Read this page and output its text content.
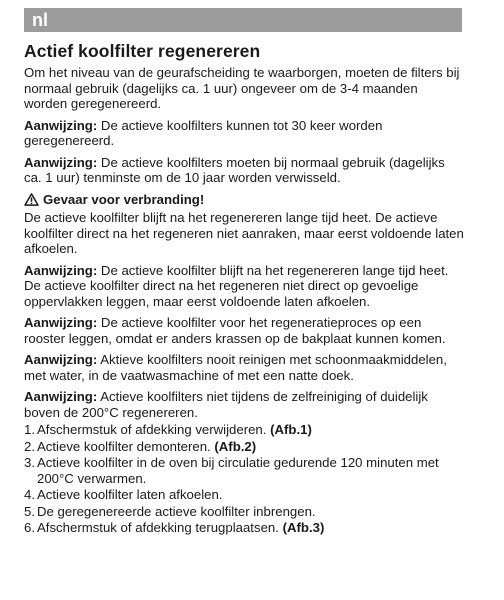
nl
Actief koolfilter regenereren

Om het niveau van de geurafscheiding te waarborgen, moeten de filters bij normaal gebruik (dagelijks ca. 1 uur) ongeveer om de 3-4 maanden worden geregenereerd.

Aanwijzing: De actieve koolfilters kunnen tot 30 keer worden geregenereerd.

Aanwijzing: De actieve koolfilters moeten bij normaal gebruik (dagelijks ca. 1 uur) tenminste om de 10 jaar worden verwisseld.

Gevaar voor verbranding!

De actieve koolfilter blijft na het regenereren lange tijd heet. De actieve koolfilter direct na het regeneren niet aanraken, maar eerst voldoende laten afkoelen.

Aanwijzing: De actieve koolfilter blijft na het regenereren lange tijd heet. De actieve koolfilter direct na het regeneren niet direct op gevoelige oppervlakken leggen, maar eerst voldoende laten afkoelen.

Aanwijzing: De actieve koolfilter voor het regeneratieproces op een rooster leggen, omdat er anders krassen op de bakplaat kunnen komen.

Aanwijzing: Aktieve koolfilters nooit reinigen met schoonmaakmiddelen, met water, in de vaatwasmachine of met een natte doek.

Aanwijzing: Actieve koolfilters niet tijdens de zelfreiniging of duidelijk boven de 200°C regenereren.

1. Afschermstuk of afdekking verwijderen. (Afb.1)
2. Actieve koolfilter demonteren. (Afb.2)
3. Actieve koolfilter in de oven bij circulatie gedurende 120 minuten met 200°C verwarmen.
4. Actieve koolfilter laten afkoelen.
5. De geregenereerde actieve koolfilter inbrengen.
6. Afschermstuk of afdekking terugplaatsen. (Afb.3)
